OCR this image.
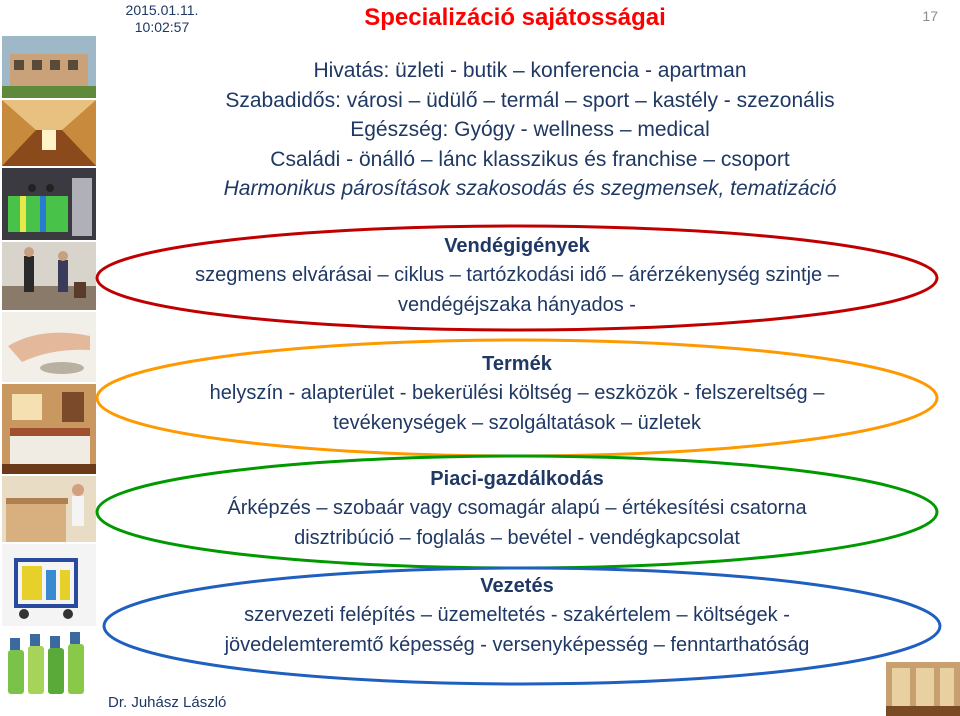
2015.01.11.
10:02:57	Specializáció sajátosságai	17
Hivatás: üzleti - butik – konferencia - apartman
Szabadidős: városi – üdülő – termál – sport – kastély - szezonális
Egészség: Gyógy - wellness – medical
Családi - önálló – lánc klasszikus és franchise – csoport
Harmonikus párosítások szakosodás és szegmensek, tematizáció
Vendégigények
szegmens elvárásai – ciklus – tartózkodási idő – árérzékenység szintje –
vendégéjszaka hányados -
Termék
helyszín - alapterület - bekerülési költség – eszközök - felszereltség –
tevékenységek – szolgáltatások – üzletek
Piaci-gazdálkodás
Árképzés – szobaár vagy csomagár alapú – értékesítési csatorna
disztribúció – foglalás – bevétel - vendégkapcsolat
Vezetés
szervezeti felépítés – üzemeltetés - szakértelem – költségek -
jövedelemteremtő képesség - versenyképesség – fenntarthatóság
Dr. Juhász László
